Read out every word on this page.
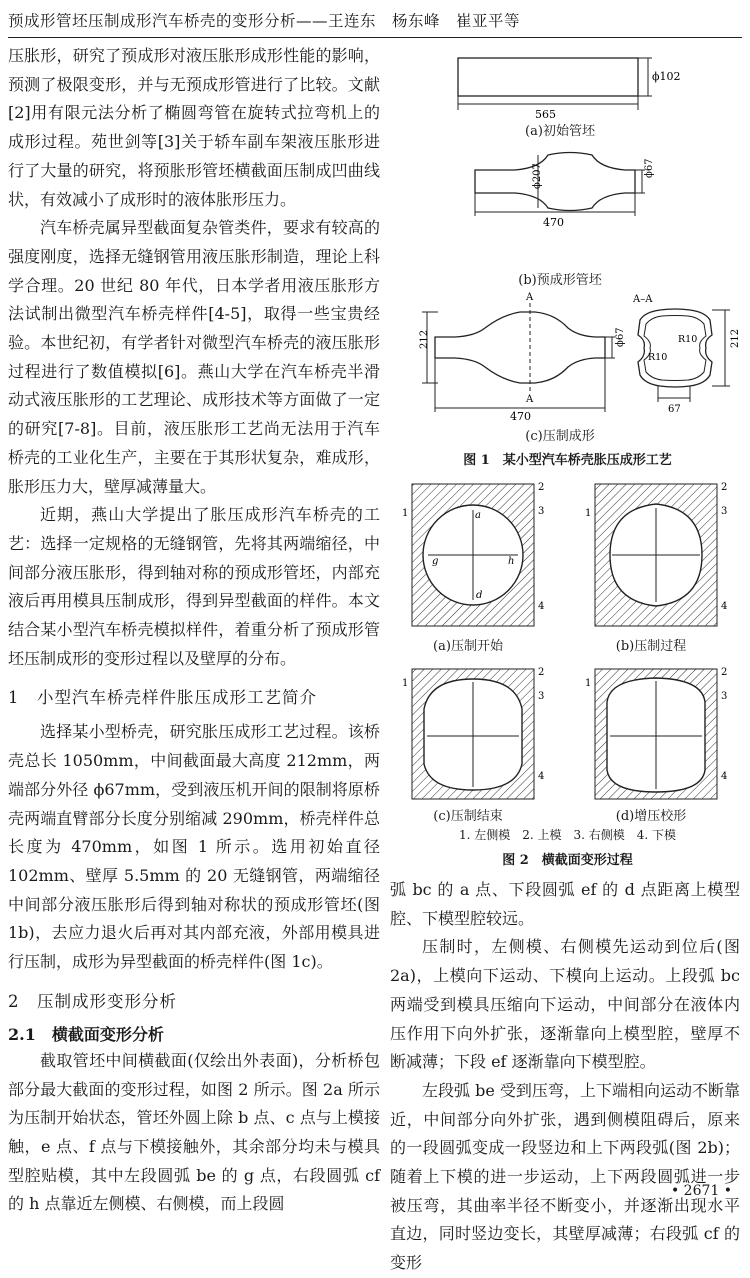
预成形管坯压制成形汽车桥壳的变形分析——王连东　杨东峰　崔亚平等

压胀形，研究了预成形对液压胀形成形性能的影响，预测了极限变形，并与无预成形管进行了比较。文献[2]用有限元法分析了椭圆弯管在旋转式拉弯机上的成形过程。苑世剑等[3]关于轿车副车架液压胀形进行了大量的研究，将预胀形管坯横截面压制成凹曲线状，有效减小了成形时的液体胀形压力。

汽车桥壳属异型截面复杂管类件，要求有较高的强度刚度，选择无缝钢管用液压胀形制造，理论上科学合理。20 世纪 80 年代，日本学者用液压胀形方法试制出微型汽车桥壳样件[4-5]，取得一些宝贵经验。本世纪初，有学者针对微型汽车桥壳的液压胀形过程进行了数值模拟[6]。燕山大学在汽车桥壳半滑动式液压胀形的工艺理论、成形技术等方面做了一定的研究[7-8]。目前，液压胀形工艺尚无法用于汽车桥壳的工业化生产，主要在于其形状复杂，难成形，胀形压力大，壁厚减薄量大。

近期，燕山大学提出了胀压成形汽车桥壳的工艺：选择一定规格的无缝钢管，先将其两端缩径，中间部分液压胀形，得到轴对称的预成形管坯，内部充液后再用模具压制成形，得到异型截面的样件。本文结合某小型汽车桥壳模拟样件，着重分析了预成形管坯压制成形的变形过程以及壁厚的分布。

1　小型汽车桥壳样件胀压成形工艺简介

选择某小型桥壳，研究胀压成形工艺过程。该桥壳总长 1050mm，中间截面最大高度 212mm，两端部分外径 ϕ67mm，受到液压机开间的限制将原桥壳两端直臂部分长度分别缩减 290mm，桥壳样件总长度为 470mm，如图 1 所示。选用初始直径 102mm、壁厚 5.5mm 的 20 无缝钢管，两端缩径中间部分液压胀形后得到轴对称状的预成形管坯(图 1b)，去应力退火后再对其内部充液，外部用模具进行压制，成形为异型截面的桥壳样件(图 1c)。

2　压制成形变形分析
2.1　横截面变形分析

截取管坯中间横截面(仅绘出外表面)，分析桥包部分最大截面的变形过程，如图 2 所示。图 2a 所示为压制开始状态，管坯外圆上除 b 点、c 点与上模接触，e 点、f 点与下模接触外，其余部分均未与模具型腔贴模，其中左段圆弧 be 的 g 点，右段圆弧 cf 的 h 点靠近左侧模、右侧模，而上段圆

ϕ102
565
ϕ207	ϕ67
470
A
A
212	ϕ67
470
A–A
R10
R10
212
67
(a)初始管坯
(b)预成形管坯
(c)压制成形
图 1　某小型汽车桥壳胀压成形工艺
a
d
g	h
1
2
3
4
1
2
3
4
1
2
3
4
1
2
3
4
(a)压制开始	(b)压制过程
(c)压制结束	(d)增压校形
1. 左侧模　2. 上模　3. 右侧模　4. 下模
图 2　横截面变形过程

弧 bc 的 a 点、下段圆弧 ef 的 d 点距离上模型腔、下模型腔较远。

压制时，左侧模、右侧模先运动到位后(图 2a)，上模向下运动、下模向上运动。上段弧 bc 两端受到模具压缩向下运动，中间部分在液体内压作用下向外扩张，逐渐靠向上模型腔，壁厚不断减薄；下段 ef 逐渐靠向下模型腔。

左段弧 be 受到压弯，上下端相向运动不断靠近，中间部分向外扩张，遇到侧模阻碍后，原来的一段圆弧变成一段竖边和上下两段弧(图 2b)；随着上下模的进一步运动，上下两段圆弧进一步被压弯，其曲率半径不断变小，并逐渐出现水平直边，同时竖边变长，其壁厚减薄；右段弧 cf 的变形

• 2671 •
